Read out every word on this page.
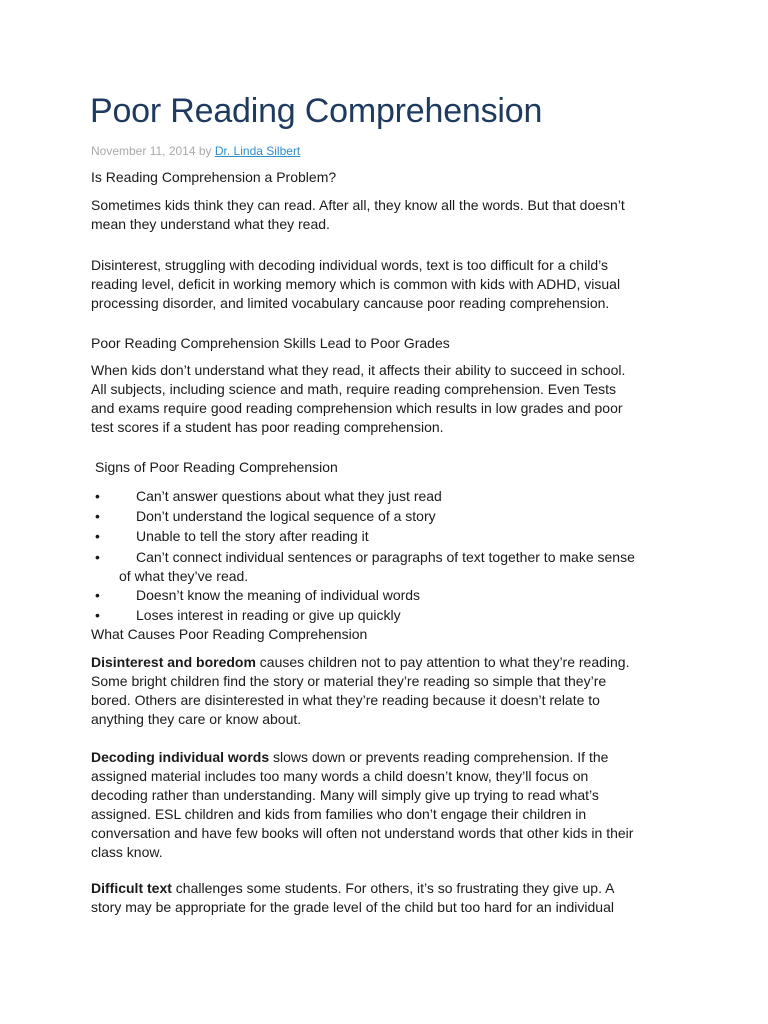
Poor Reading Comprehension
November 11, 2014 by Dr. Linda Silbert

Is Reading Comprehension a Problem?

Sometimes kids think they can read. After all, they know all the words. But that doesn’t
mean they understand what they read.

Disinterest, struggling with decoding individual words, text is too difficult for a child’s
reading level, deficit in working memory which is common with kids with ADHD, visual
processing disorder, and limited vocabulary cancause poor reading comprehension.

Poor Reading Comprehension Skills Lead to Poor Grades

When kids don’t understand what they read, it affects their ability to succeed in school.
All subjects, including science and math, require reading comprehension. Even Tests
and exams require good reading comprehension which results in low grades and poor
test scores if a student has poor reading comprehension.

Signs of Poor Reading Comprehension

•	Can’t answer questions about what they just read
•	Don’t understand the logical sequence of a story
•	Unable to tell the story after reading it
•	Can’t connect individual sentences or paragraphs of text together to make sense
of what they’ve read.
•	Doesn’t know the meaning of individual words
•	Loses interest in reading or give up quickly

What Causes Poor Reading Comprehension

Disinterest and boredom causes children not to pay attention to what they’re reading.
Some bright children find the story or material they’re reading so simple that they’re
bored. Others are disinterested in what they’re reading because it doesn’t relate to
anything they care or know about.

Decoding individual words slows down or prevents reading comprehension. If the
assigned material includes too many words a child doesn’t know, they’ll focus on
decoding rather than understanding. Many will simply give up trying to read what’s
assigned. ESL children and kids from families who don’t engage their children in
conversation and have few books will often not understand words that other kids in their
class know.

Difficult text challenges some students. For others, it’s so frustrating they give up. A
story may be appropriate for the grade level of the child but too hard for an individual
